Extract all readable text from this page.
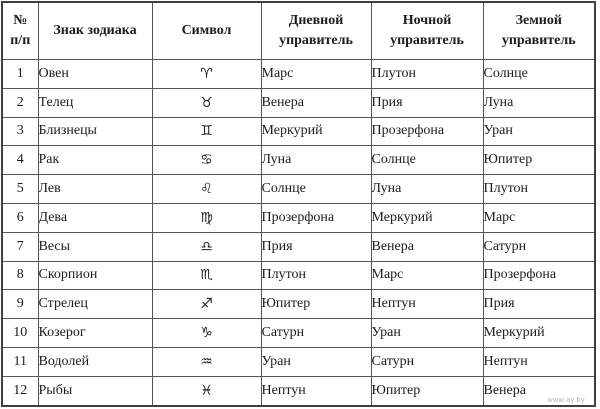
№ п/п	Знак зодиака	Символ	Дневной управитель	Ночной управитель	Земной управитель
1	Овен	♈	Марс	Плутон	Солнце
2	Телец	♉	Венера	Прия	Луна
3	Близнецы	♊	Меркурий	Прозерфона	Уран
4	Рак	♋	Луна	Солнце	Юпитер
5	Лев	♌	Солнце	Луна	Плутон
6	Дева	♍	Прозерфона	Меркурий	Марс
7	Весы	♎	Прия	Венера	Сатурн
8	Скорпион	♏	Плутон	Марс	Прозерфона
9	Стрелец	♐	Юпитер	Нептун	Прия
10	Козерог	♑	Сатурн	Уран	Меркурий
11	Водолей	♒	Уран	Сатурн	Нептун
12	Рыбы	♓	Нептун	Юпитер	Венера
www.ay.by
